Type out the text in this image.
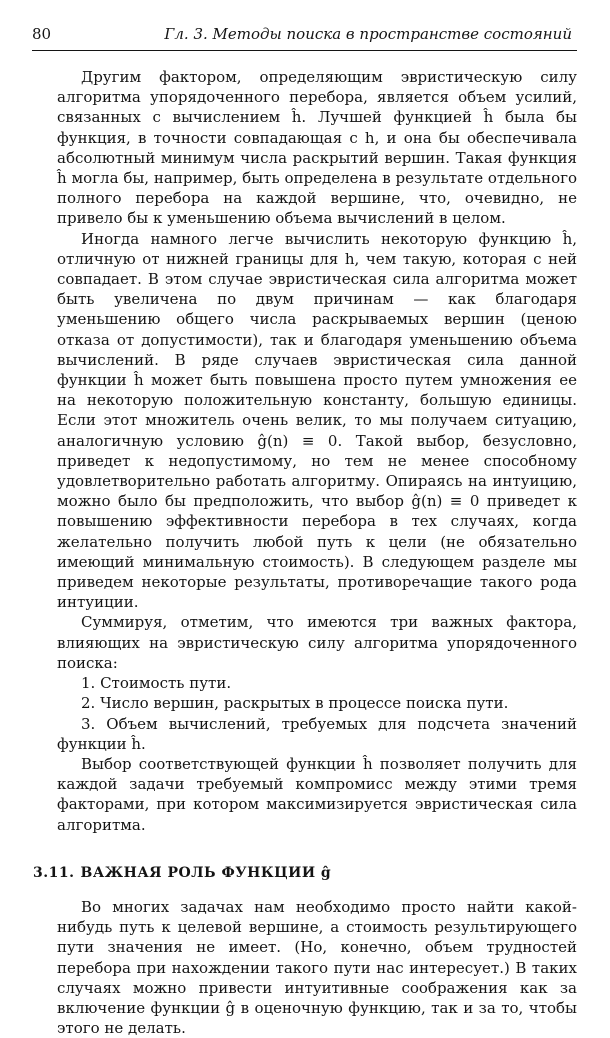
80	Гл. 3. Методы поиска в пространстве состояний

Другим фактором, определяющим эвристическую силу алгоритма упорядоченного перебора, является объем усилий, связанных с вычислением ĥ. Лучшей функцией ĥ была бы функция, в точности совпадающая с h, и она бы обеспечивала абсолютный минимум числа раскрытий вершин. Такая функция ĥ могла бы, например, быть определена в результате отдельного полного перебора на каждой вершине, что, очевидно, не привело бы к уменьшению объема вычислений в целом.

Иногда намного легче вычислить некоторую функцию ĥ, отличную от нижней границы для h, чем такую, которая с ней совпадает. В этом случае эвристическая сила алгоритма может быть увеличена по двум причинам — как благодаря уменьшению общего числа раскрываемых вершин (ценою отказа от допустимости), так и благодаря уменьшению объема вычислений. В ряде случаев эвристическая сила данной функции ĥ может быть повышена просто путем умножения ее на некоторую положительную константу, большую единицы. Если этот множитель очень велик, то мы получаем ситуацию, аналогичную условию ĝ(n) ≡ 0. Такой выбор, безусловно, приведет к недопустимому, но тем не менее способному удовлетворительно работать алгоритму. Опираясь на интуицию, можно было бы предположить, что выбор ĝ(n) ≡ 0 приведет к повышению эффективности перебора в тех случаях, когда желательно получить любой путь к цели (не обязательно имеющий минимальную стоимость). В следующем разделе мы приведем некоторые результаты, противоречащие такого рода интуиции.

Суммируя, отметим, что имеются три важных фактора, влияющих на эвристическую силу алгоритма упорядоченного поиска:

1. Стоимость пути.

2. Число вершин, раскрытых в процессе поиска пути.

3. Объем вычислений, требуемых для подсчета значений функции ĥ.

Выбор соответствующей функции ĥ позволяет получить для каждой задачи требуемый компромисс между этими тремя факторами, при котором максимизируется эвристическая сила алгоритма.

3.11. ВАЖНАЯ РОЛЬ ФУНКЦИИ ĝ

Во многих задачах нам необходимо просто найти какой-нибудь путь к целевой вершине, а стоимость результирующего пути значения не имеет. (Но, конечно, объем трудностей перебора при нахождении такого пути нас интересует.) В таких случаях можно привести интуитивные соображения как за включение функции ĝ в оценочную функцию, так и за то, чтобы этого не делать.
